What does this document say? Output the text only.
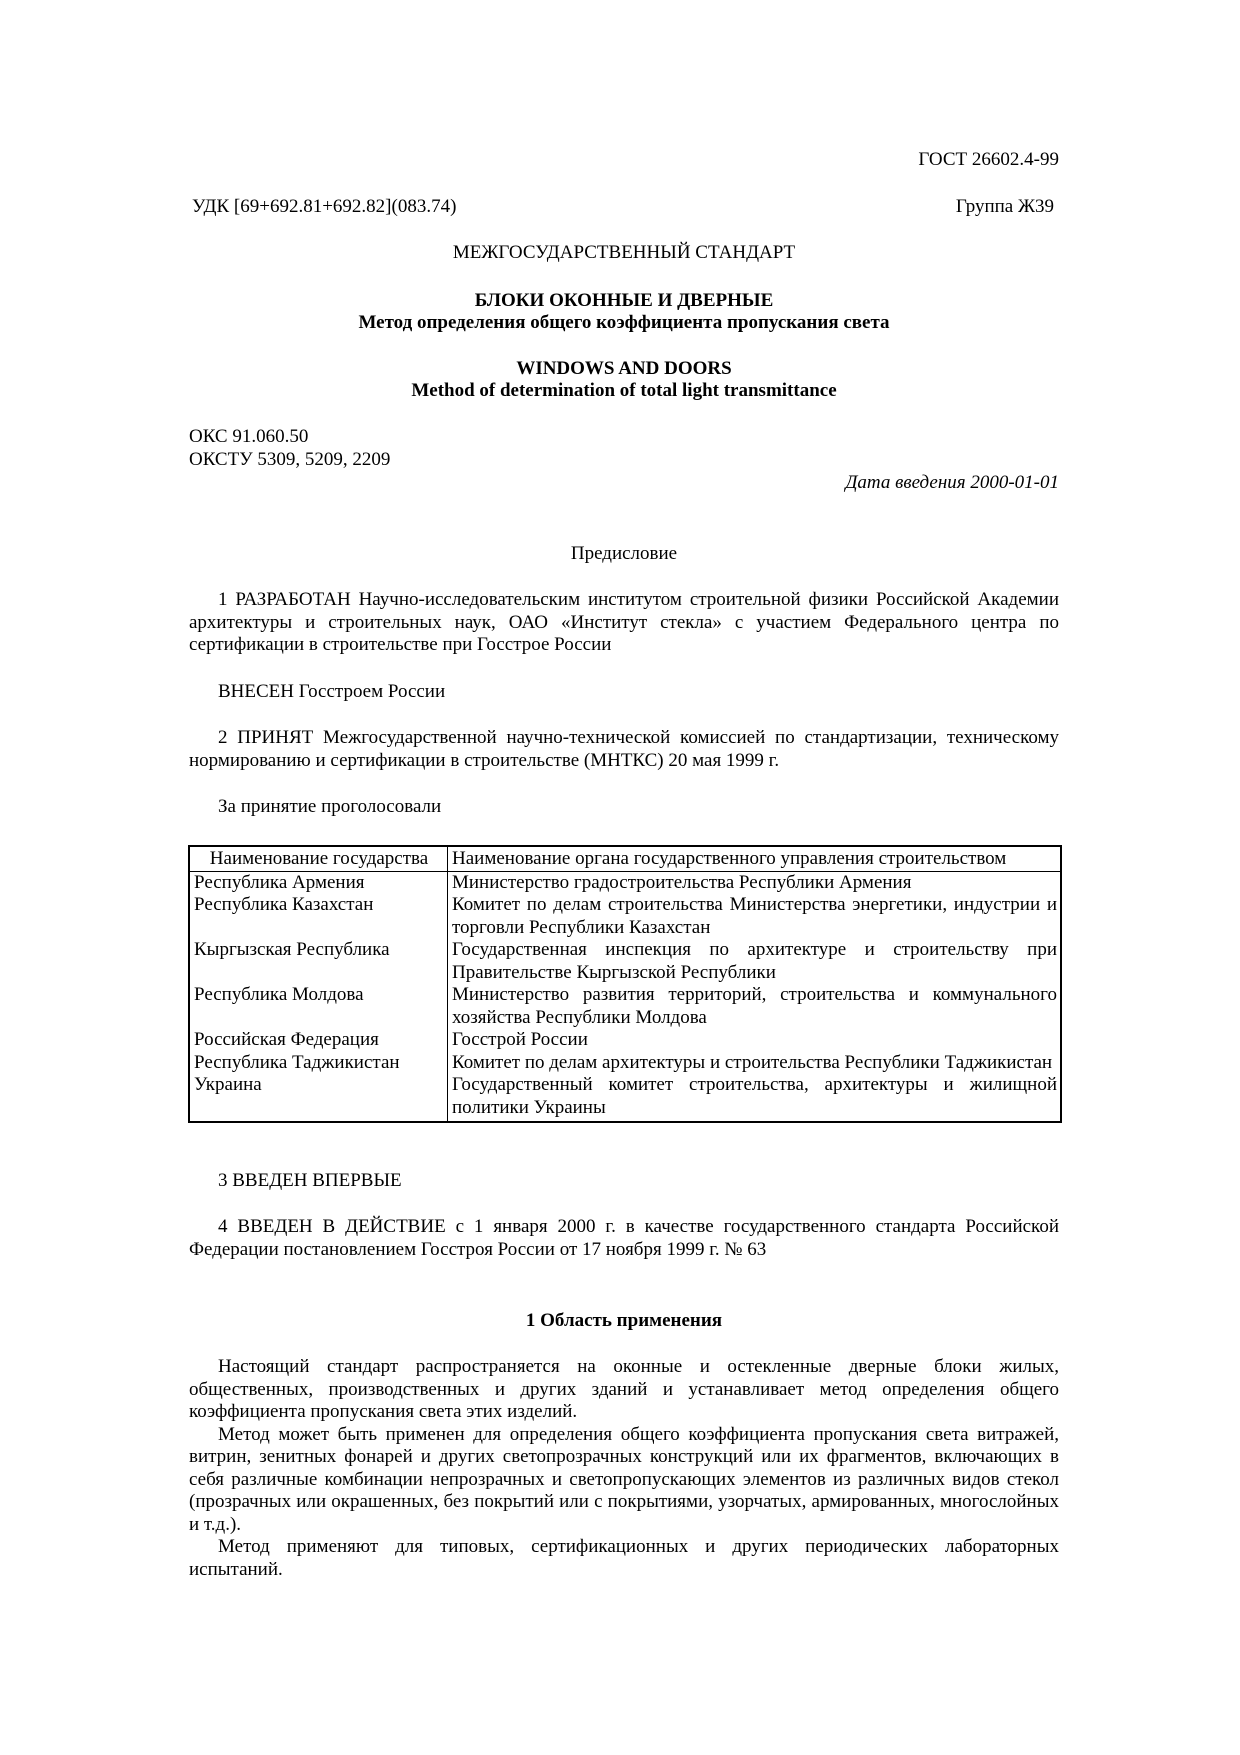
ГОСТ 26602.4-99
УДК [69+692.81+692.82](083.74)	Группа Ж39
МЕЖГОСУДАРСТВЕННЫЙ СТАНДАРТ
БЛОКИ ОКОННЫЕ И ДВЕРНЫЕ
Метод определения общего коэффициента пропускания света
WINDOWS AND DOORS
Method of determination of total light transmittance
ОКС 91.060.50
ОКСТУ 5309, 5209, 2209
Дата введения 2000-01-01
Предисловие

1 РАЗРАБОТАН Научно-исследовательским институтом строительной физики Российской Академии архитектуры и строительных наук, ОАО «Институт стекла» с участием Федерального центра по сертификации в строительстве при Госстрое России

ВНЕСЕН Госстроем России

2 ПРИНЯТ Межгосударственной научно-технической комиссией по стандартизации, техническому нормированию и сертификации в строительстве (МНТКС) 20 мая 1999 г.

За принятие проголосовали

Наименование государства	Наименование органа государственного управления строительством
Республика Армения	Министерство градостроительства Республики Армения
Республика Казахстан	Комитет по делам строительства Министерства энергетики, индустрии и торговли Республики Казахстан
Кыргызская Республика	Государственная инспекция по архитектуре и строительству при Правительстве Кыргызской Республики
Республика Молдова	Министерство развития территорий, строительства и коммунального хозяйства Республики Молдова
Российская Федерация	Госстрой России
Республика Таджикистан	Комитет по делам архитектуры и строительства Республики Таджикистан
Украина	Государственный комитет строительства, архитектуры и жилищной политики Украины

3 ВВЕДЕН ВПЕРВЫЕ

4 ВВЕДЕН В ДЕЙСТВИЕ с 1 января 2000 г. в качестве государственного стандарта Российской Федерации постановлением Госстроя России от 17 ноября 1999 г. № 63

1 Область применения

Настоящий стандарт распространяется на оконные и остекленные дверные блоки жилых, общественных, производственных и других зданий и устанавливает метод определения общего коэффициента пропускания света этих изделий.

Метод может быть применен для определения общего коэффициента пропускания света витражей, витрин, зенитных фонарей и других светопрозрачных конструкций или их фрагментов, включающих в себя различные комбинации непрозрачных и светопропускающих элементов из различных видов стекол (прозрачных или окрашенных, без покрытий или с покрытиями, узорчатых, армированных, многослойных и т.д.).

Метод применяют для типовых, сертификационных и других периодических лабораторных испытаний.
